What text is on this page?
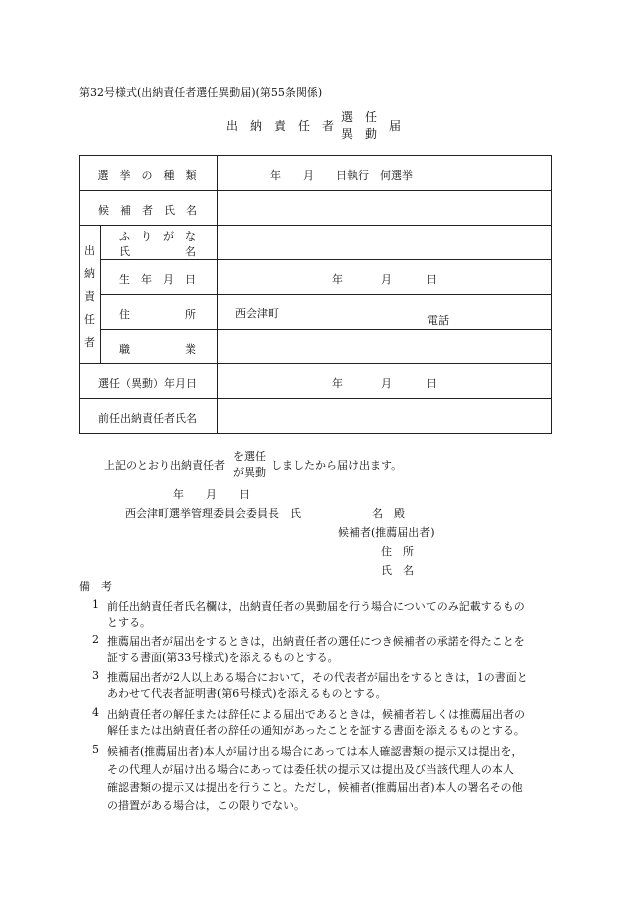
第32号様式(出納責任者選任異動届)(第55条関係)
出　納　責　任　者
選　任
異　動
届
選　挙　の　種　類		年　　月　　日執行　何選挙

候　補　者　氏　名		

出
納
責
任
者	ふ　り　が　な
氏　　　　　名	

	生　年　月　日	年 月 日

	住　　　　　所	西会津町
電話

	職　　　　　業	

選任（異動）年月日		年 月 日

前任出納責任者氏名		

上記のとおり出納責任者
を選任
が異動
しましたから届け出ます。
年　　月　　日
西会津町選挙管理委員会委員長　氏	名　殿
候補者(推薦届出者)
住　所
氏　名
備　考
1 前任出納責任者氏名欄は，出納責任者の異動届を行う場合についてのみ記載するもの
とする。
2 推薦届出者が届出をするときは，出納責任者の選任につき候補者の承諾を得たことを
証する書面(第33号様式)を添えるものとする。
3 推薦届出者が2人以上ある場合において，その代表者が届出をするときは，1の書面と
あわせて代表者証明書(第6号様式)を添えるものとする。
4 出納責任者の解任または辞任による届出であるときは，候補者若しくは推薦届出者の
解任または出納責任者の辞任の通知があったことを証する書面を添えるものとする。
5 候補者(推薦届出者)本人が届け出る場合にあっては本人確認書類の提示又は提出を，
その代理人が届け出る場合にあっては委任状の提示又は提出及び当該代理人の本人
確認書類の提示又は提出を行うこと。ただし，候補者(推薦届出者)本人の署名その他
の措置がある場合は，この限りでない。
